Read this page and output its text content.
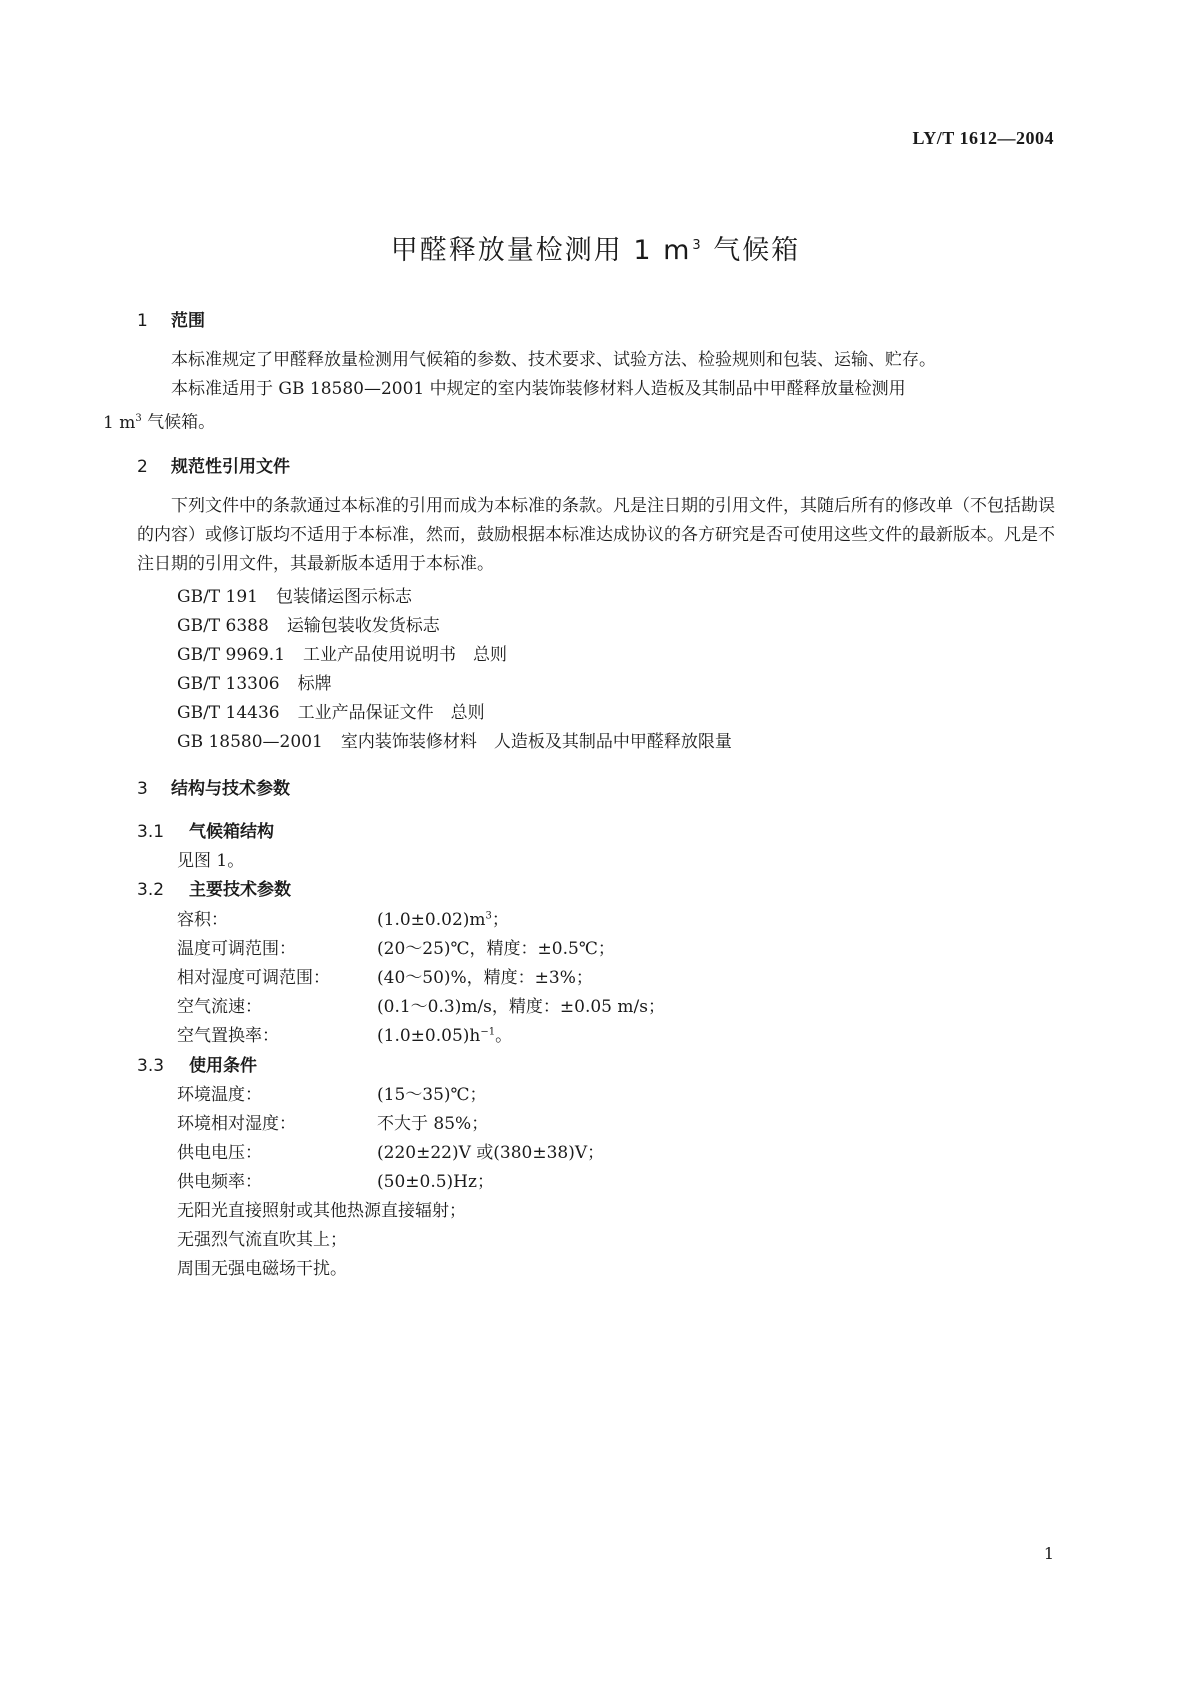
LY/T 1612—2004
甲醛释放量检测用 1 $m^3$ 气候箱
1 范围
本标准规定了甲醛释放量检测用气候箱的参数、技术要求、试验方法、检验规则和包装、运输、贮存。
本标准适用于 GB 18580—2001 中规定的室内装饰装修材料人造板及其制品中甲醛释放量检测用
1 $m^3$ 气候箱。
2 规范性引用文件
下列文件中的条款通过本标准的引用而成为本标准的条款。凡是注日期的引用文件，其随后所有的修改单（不包括勘误的内容）或修订版均不适用于本标准，然而，鼓励根据本标准达成协议的各方研究是否可使用这些文件的最新版本。凡是不注日期的引用文件，其最新版本适用于本标准。
GB/T 191 包装储运图示标志
GB/T 6388 运输包装收发货标志
GB/T 9969.1 工业产品使用说明书　总则
GB/T 13306 标牌
GB/T 14436 工业产品保证文件　总则
GB 18580—2001 室内装饰装修材料　人造板及其制品中甲醛释放限量
3 结构与技术参数
3.1 气候箱结构
见图 1。
3.2 主要技术参数
容积：	$(1.0\pm 0.02)m^3$；
温度可调范围：	(20～25)℃，精度：±0.5℃；
相对湿度可调范围：	(40～50)%，精度：±3%；
空气流速：	(0.1～0.3)m/s，精度：±0.05 m/s；
空气置换率：	$(1.0\pm 0.05)h^{-1}$。
3.3 使用条件
环境温度：	(15～35)℃；
环境相对湿度：	不大于 85%；
供电电压：	(220±22)V 或(380±38)V；
供电频率：	(50±0.5)Hz；
无阳光直接照射或其他热源直接辐射；
无强烈气流直吹其上；
周围无强电磁场干扰。
1
